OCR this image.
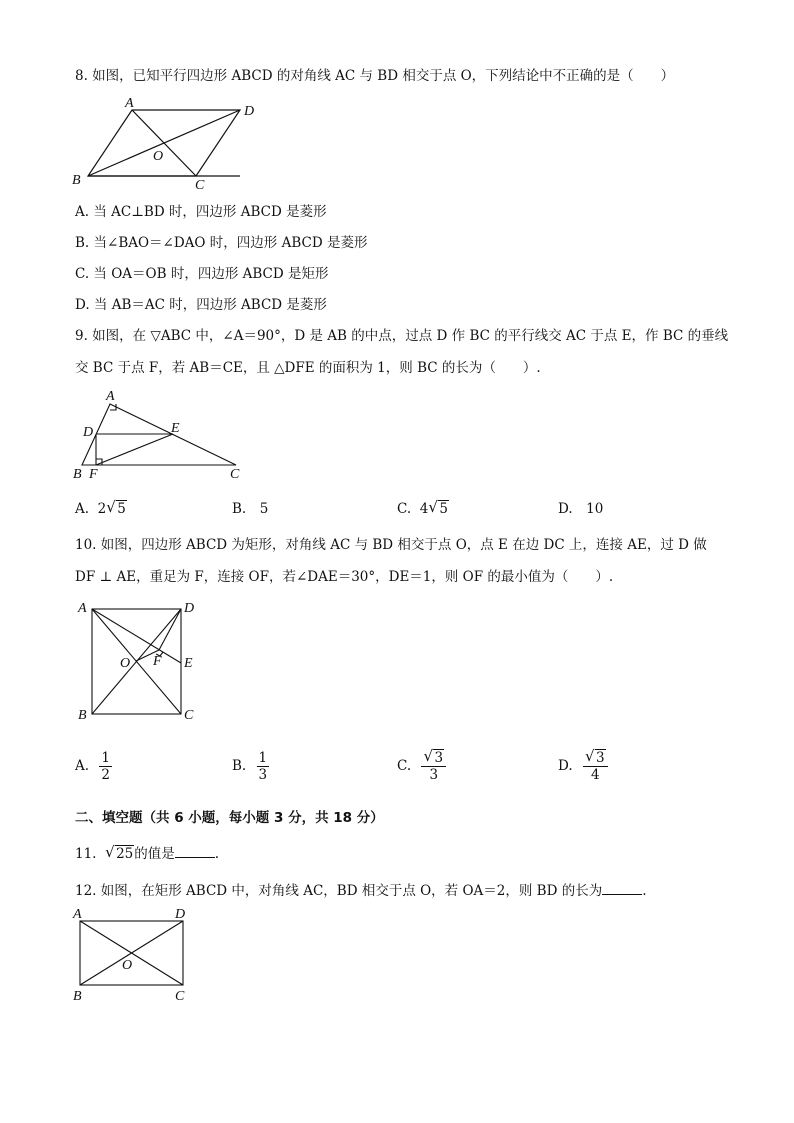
8. 如图，已知平行四边形 ABCD 的对角线 AC 与 BD 相交于点 O，下列结论中不正确的是（　　）
A
D
O
B	C
A. 当 AC⊥BD 时，四边形 ABCD 是菱形
B. 当∠BAO＝∠DAO 时，四边形 ABCD 是菱形
C. 当 OA＝OB 时，四边形 ABCD 是矩形
D. 当 AB＝AC 时，四边形 ABCD 是菱形
9. 如图，在 ▽ABC 中，∠A＝90°，D 是 AB 的中点，过点 D 作 BC 的平行线交 AC 于点 E，作 BC 的垂线
交 BC 于点 F，若 AB＝CE，且 △DFE 的面积为 1，则 BC 的长为（　　）.
A
D	E
B F	C
A. 2 √ 5	B.　5	C. 4 √ 5	D.　10
10. 如图，四边形 ABCD 为矩形，对角线 AC 与 BD 相交于点 O，点 E 在边 DC 上，连接 AE，过 D 做
DF ⊥ AE，重足为 F，连接 OF，若∠DAE＝30°，DE＝1，则 OF 的最小值为（　　）.
A	D
O F E
B	C
A. $\frac{1}{2}$	B. $\frac{1}{3}$	C. $\frac{√ 3}{3}$	D. $\frac{√ 3}{4}$
二、填空题（共 6 小题，每小题 3 分，共 18 分）
11. √ 25的值是	.
12. 如图，在矩形 ABCD 中，对角线 AC，BD 相交于点 O，若 OA＝2，则 BD 的长为	.
A	D
O
B	C
